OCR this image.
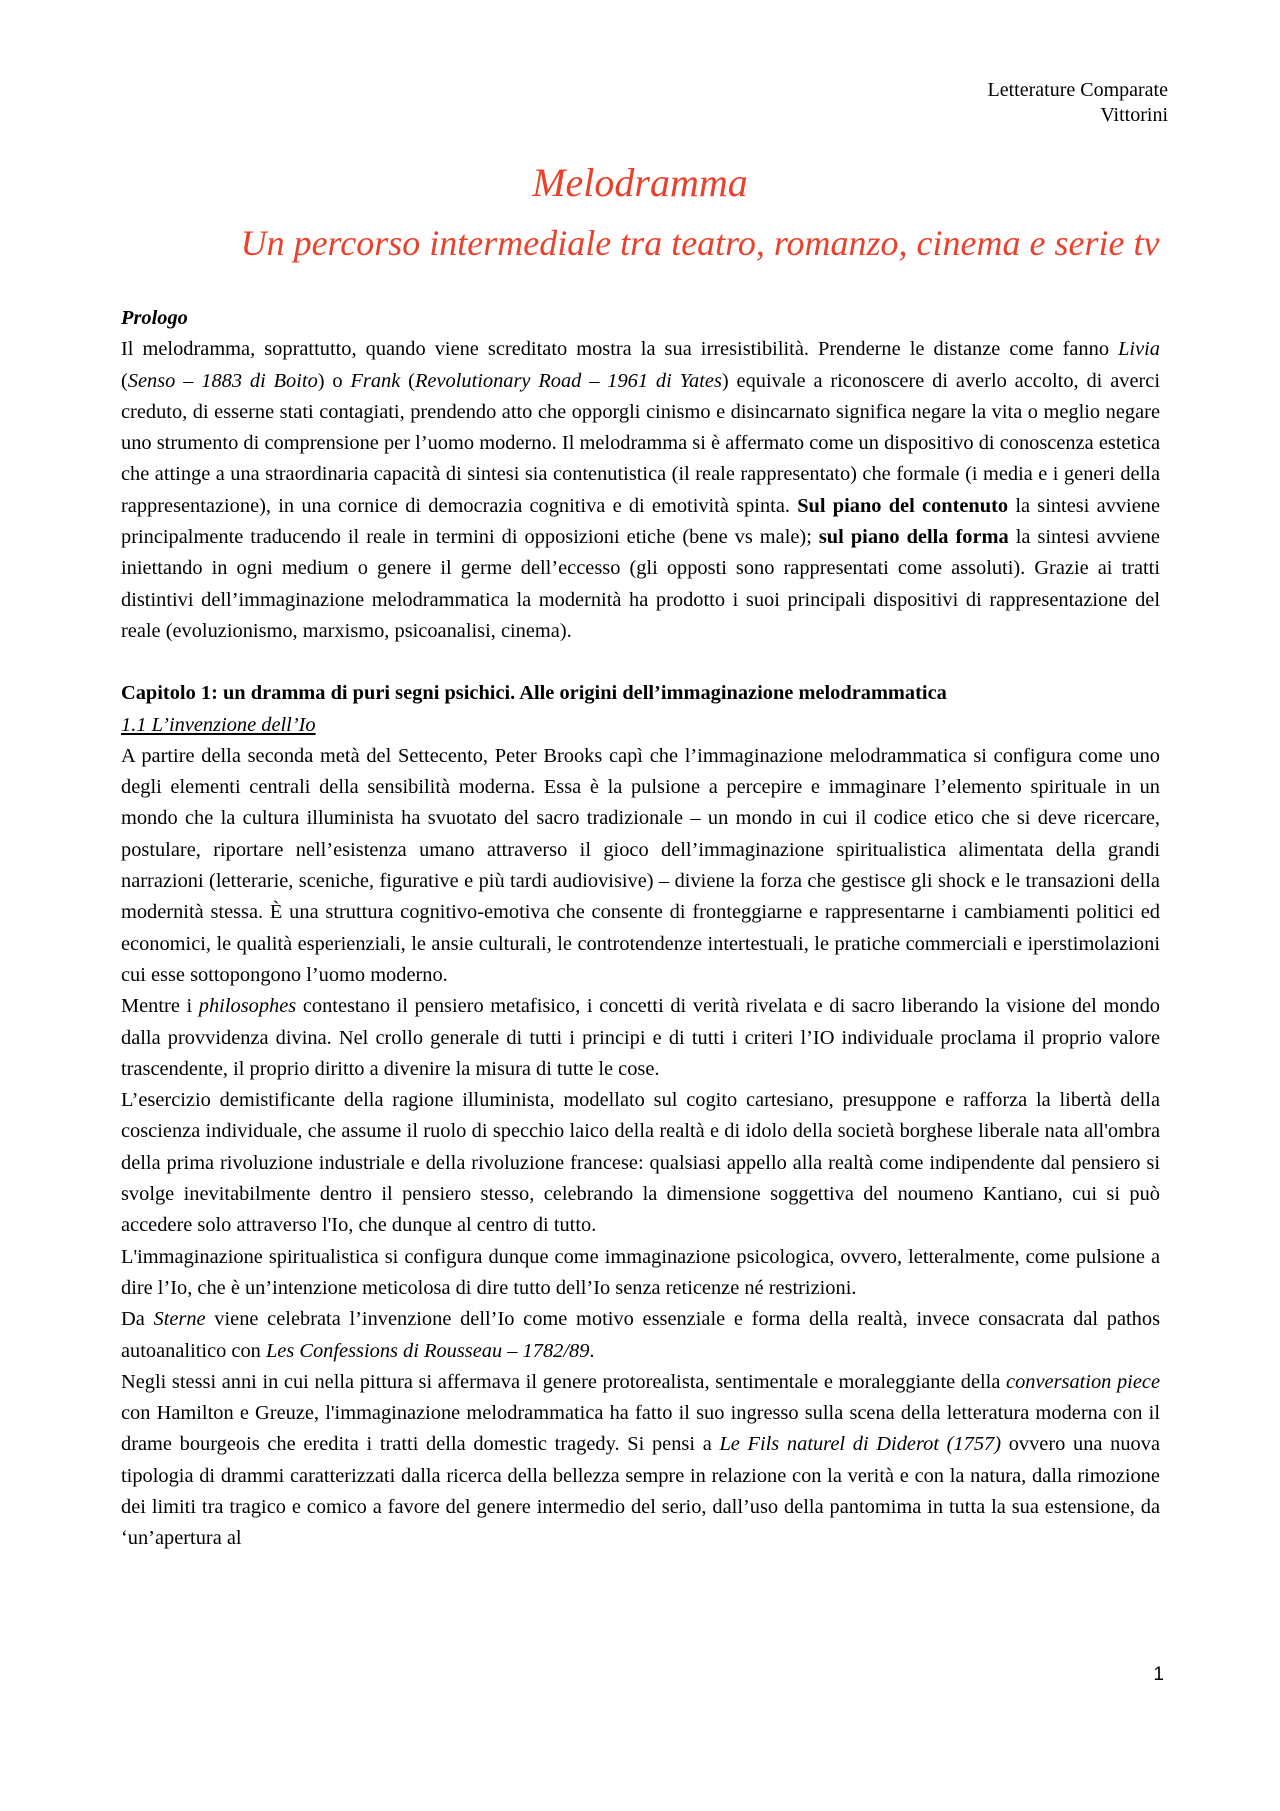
Letterature Comparate
Vittorini
Melodramma
Un percorso intermediale tra teatro, romanzo, cinema e serie tv

Prologo

Il melodramma, soprattutto, quando viene screditato mostra la sua irresistibilità. Prenderne le distanze come fanno Livia (Senso – 1883 di Boito) o Frank (Revolutionary Road – 1961 di Yates) equivale a riconoscere di averlo accolto, di averci creduto, di esserne stati contagiati, prendendo atto che opporgli cinismo e disincarnato significa negare la vita o meglio negare uno strumento di comprensione per l’uomo moderno. Il melodramma si è affermato come un dispositivo di conoscenza estetica che attinge a una straordinaria capacità di sintesi sia contenutistica (il reale rappresentato) che formale (i media e i generi della rappresentazione), in una cornice di democrazia cognitiva e di emotività spinta. Sul piano del contenuto la sintesi avviene principalmente traducendo il reale in termini di opposizioni etiche (bene vs male); sul piano della forma la sintesi avviene iniettando in ogni medium o genere il germe dell’eccesso (gli opposti sono rappresentati come assoluti). Grazie ai tratti distintivi dell’immaginazione melodrammatica la modernità ha prodotto i suoi principali dispositivi di rappresentazione del reale (evoluzionismo, marxismo, psicoanalisi, cinema).

Capitolo 1: un dramma di puri segni psichici. Alle origini dell’immaginazione melodrammatica

1.1 L’invenzione dell’Io

A partire della seconda metà del Settecento, Peter Brooks capì che l’immaginazione melodrammatica si configura come uno degli elementi centrali della sensibilità moderna. Essa è la pulsione a percepire e immaginare l’elemento spirituale in un mondo che la cultura illuminista ha svuotato del sacro tradizionale – un mondo in cui il codice etico che si deve ricercare, postulare, riportare nell’esistenza umano attraverso il gioco dell’immaginazione spiritualistica alimentata della grandi narrazioni (letterarie, sceniche, figurative e più tardi audiovisive) – diviene la forza che gestisce gli shock e le transazioni della modernità stessa. È una struttura cognitivo-emotiva che consente di fronteggiarne e rappresentarne i cambiamenti politici ed economici, le qualità esperienziali, le ansie culturali, le controtendenze intertestuali, le pratiche commerciali e iperstimolazioni cui esse sottopongono l’uomo moderno.

Mentre i philosophes contestano il pensiero metafisico, i concetti di verità rivelata e di sacro liberando la visione del mondo dalla provvidenza divina. Nel crollo generale di tutti i principi e di tutti i criteri l’IO individuale proclama il proprio valore trascendente, il proprio diritto a divenire la misura di tutte le cose.

L’esercizio demistificante della ragione illuminista, modellato sul cogito cartesiano, presuppone e rafforza la libertà della coscienza individuale, che assume il ruolo di specchio laico della realtà e di idolo della società borghese liberale nata all'ombra della prima rivoluzione industriale e della rivoluzione francese: qualsiasi appello alla realtà come indipendente dal pensiero si svolge inevitabilmente dentro il pensiero stesso, celebrando la dimensione soggettiva del noumeno Kantiano, cui si può accedere solo attraverso l'Io, che dunque al centro di tutto.

L'immaginazione spiritualistica si configura dunque come immaginazione psicologica, ovvero, letteralmente, come pulsione a dire l’Io, che è un’intenzione meticolosa di dire tutto dell’Io senza reticenze né restrizioni.

Da Sterne viene celebrata l’invenzione dell’Io come motivo essenziale e forma della realtà, invece consacrata dal pathos autoanalitico con Les Confessions di Rousseau – 1782/89.

Negli stessi anni in cui nella pittura si affermava il genere protorealista, sentimentale e moraleggiante della conversation piece con Hamilton e Greuze, l'immaginazione melodrammatica ha fatto il suo ingresso sulla scena della letteratura moderna con il drame bourgeois che eredita i tratti della domestic tragedy. Si pensi a Le Fils naturel di Diderot (1757) ovvero una nuova tipologia di drammi caratterizzati dalla ricerca della bellezza sempre in relazione con la verità e con la natura, dalla rimozione dei limiti tra tragico e comico a favore del genere intermedio del serio, dall’uso della pantomima in tutta la sua estensione, da ‘un’apertura al

1
